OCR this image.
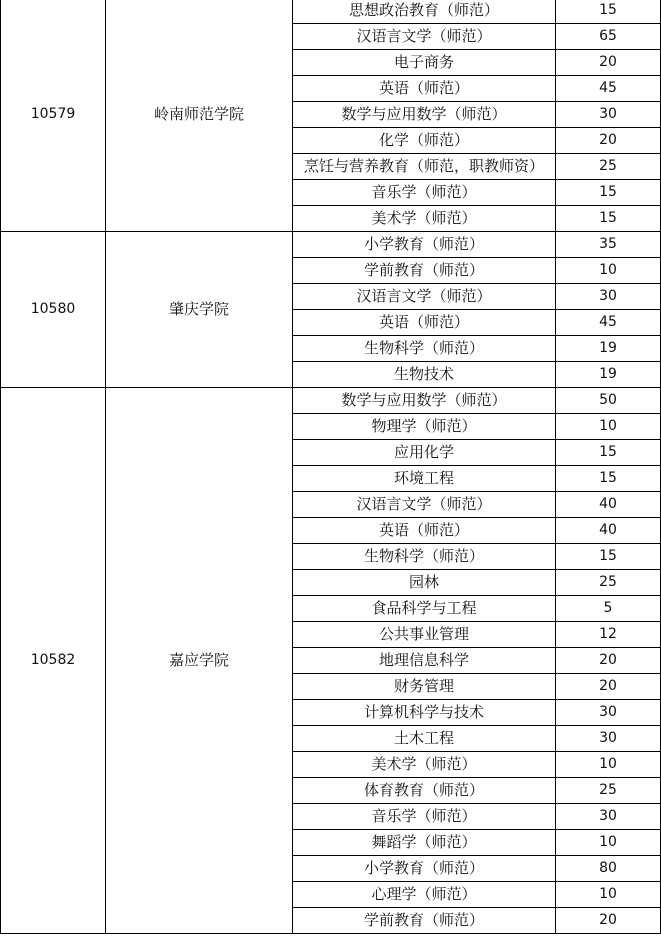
10579	岭南师范学院	思想政治教育（师范）	15
		汉语言文学（师范）	65
		电子商务	20
		英语（师范）	45
		数学与应用数学（师范）	30
		化学（师范）	20
		烹饪与营养教育（师范，职教师资）	25
		音乐学（师范）	15
		美术学（师范）	15
10580	肇庆学院	小学教育（师范）	35
		学前教育（师范）	10
		汉语言文学（师范）	30
		英语（师范）	45
		生物科学（师范）	19
		生物技术	19
10582	嘉应学院	数学与应用数学（师范）	50
		物理学（师范）	10
		应用化学	15
		环境工程	15
		汉语言文学（师范）	40
		英语（师范）	40
		生物科学（师范）	15
		园林	25
		食品科学与工程	5
		公共事业管理	12
		地理信息科学	20
		财务管理	20
		计算机科学与技术	30
		土木工程	30
		美术学（师范）	10
		体育教育（师范）	25
		音乐学（师范）	30
		舞蹈学（师范）	10
		小学教育（师范）	80
		心理学（师范）	10
		学前教育（师范）	20
